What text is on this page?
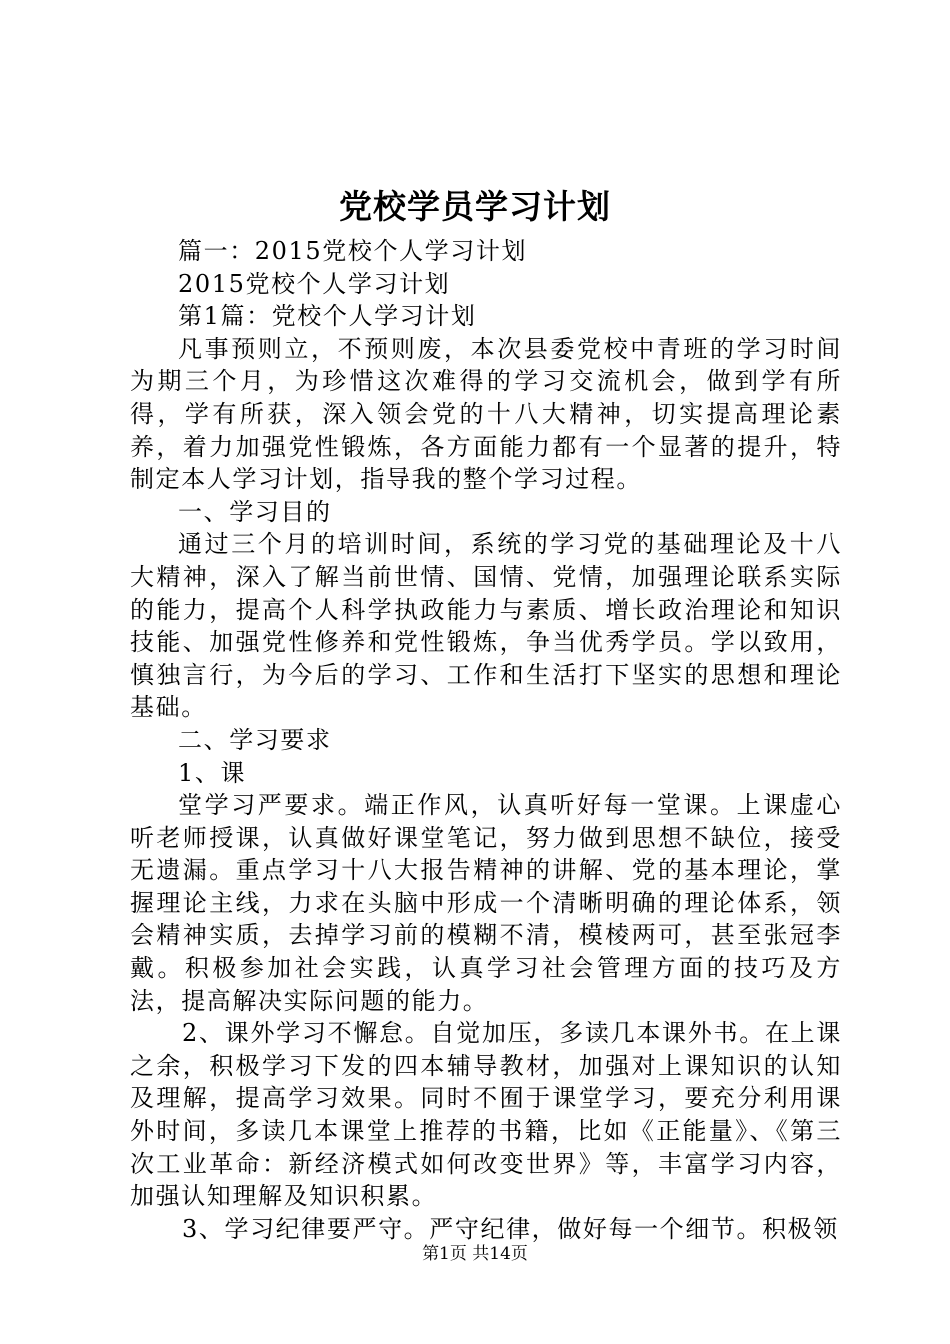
党校学员学习计划

篇一：2015党校个人学习计划

2015党校个人学习计划

第1篇：党校个人学习计划

凡事预则立，不预则废，本次县委党校中青班的学习时间为期三个月，为珍惜这次难得的学习交流机会，做到学有所得，学有所获，深入领会党的十八大精神，切实提高理论素养，着力加强党性锻炼，各方面能力都有一个显著的提升，特制定本人学习计划，指导我的整个学习过程。

一、学习目的

通过三个月的培训时间，系统的学习党的基础理论及十八大精神，深入了解当前世情、国情、党情，加强理论联系实际的能力，提高个人科学执政能力与素质、增长政治理论和知识技能、加强党性修养和党性锻炼，争当优秀学员。学以致用，慎独言行，为今后的学习、工作和生活打下坚实的思想和理论基础。

二、学习要求

1、课

堂学习严要求。端正作风，认真听好每一堂课。上课虚心听老师授课，认真做好课堂笔记，努力做到思想不缺位，接受无遗漏。重点学习十八大报告精神的讲解、党的基本理论，掌握理论主线，力求在头脑中形成一个清晰明确的理论体系，领会精神实质，去掉学习前的模糊不清，模棱两可，甚至张冠李戴。积极参加社会实践，认真学习社会管理方面的技巧及方法，提高解决实际问题的能力。

2、课外学习不懈怠。自觉加压，多读几本课外书。在上课之余，积极学习下发的四本辅导教材，加强对上课知识的认知及理解，提高学习效果。同时不囿于课堂学习，要充分利用课外时间，多读几本课堂上推荐的书籍，比如《正能量》、《第三次工业革命：新经济模式如何改变世界》等，丰富学习内容，加强认知理解及知识积累。

3、学习纪律要严守。严守纪律，做好每一个细节。积极领

第1页 共14页
